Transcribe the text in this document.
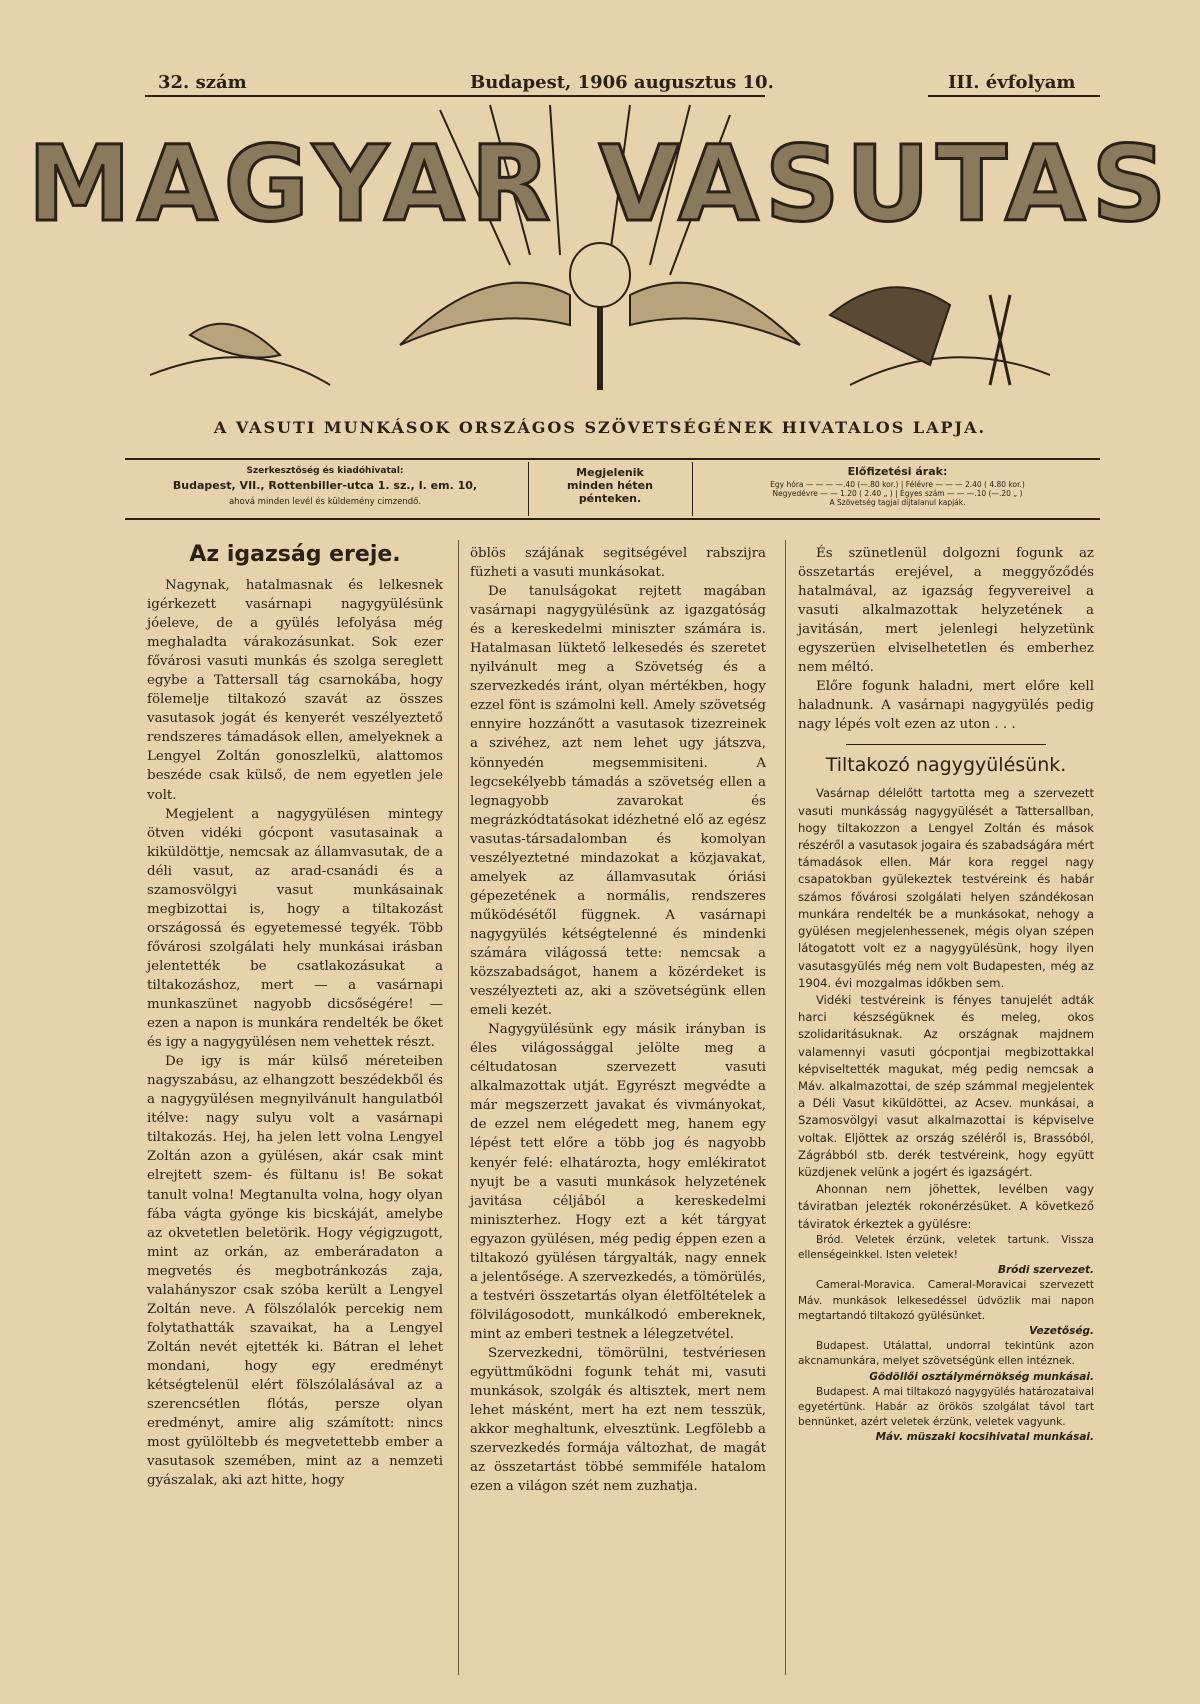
32. szám	Budapest, 1906 augusztus 10.	III. évfolyam
MAGYAR VASUTAS
A VASUTI MUNKÁSOK ORSZÁGOS SZÖVETSÉGÉNEK HIVATALOS LAPJA.
Szerkesztőség és kiadóhivatal:
Budapest, VII., Rottenbiller-utca 1. sz., I. em. 10,
ahová minden levél és küldemény cimzendő.
Megjelenik
minden héten
pénteken.
Előfizetési árak:
Egy hóra — — — —.40 (—.80 kor.) | Félévre — — — 2.40 ( 4.80 kor.)
Negyedévre — — 1.20 ( 2.40 „ ) | Egyes szám — — —.10 (—.20 „ )
A Szövetség tagjai díjtalanul kapják.
Az igazság ereje.

Nagynak, hatalmasnak és lelkesnek igérkezett vasárnapi nagygyülésünk jóeleve, de a gyülés lefolyása még meghaladta várakozásunkat. Sok ezer fővárosi vasuti munkás és szolga sereglett egybe a Tattersall tág csarnokába, hogy fölemelje tiltakozó szavát az összes vasutasok jogát és kenyerét veszélyeztető rendszeres támadások ellen, amelyeknek a Lengyel Zoltán gonoszlelkü, alattomos beszéde csak külső, de nem egyetlen jele volt.

Megjelent a nagygyülésen mintegy ötven vidéki gócpont vasutasainak a kiküldöttje, nemcsak az államvasutak, de a déli vasut, az arad-csanádi és a szamosvölgyi vasut munkásainak megbizottai is, hogy a tiltakozást országossá és egyetemessé tegyék. Több fővárosi szolgálati hely munkásai irásban jelentették be csatlakozásukat a tiltakozáshoz, mert — a vasárnapi munkaszünet nagyobb dicsőségére! — ezen a napon is munkára rendelték be őket és igy a nagygyülésen nem vehettek részt.

De igy is már külső méreteiben nagyszabásu, az elhangzott beszédekből és a nagygyülésen megnyilvánult hangulatból itélve: nagy sulyu volt a vasárnapi tiltakozás. Hej, ha jelen lett volna Lengyel Zoltán azon a gyülésen, akár csak mint elrejtett szem- és fültanu is! Be sokat tanult volna! Megtanulta volna, hogy olyan fába vágta gyönge kis bicskáját, amelybe az okvetetlen beletörik. Hogy végigzugott, mint az orkán, az emberáradaton a megvetés és megbotránkozás zaja, valahányszor csak szóba került a Lengyel Zoltán neve. A fölszólalók percekig nem folytathatták szavaikat, ha a Lengyel Zoltán nevét ejtették ki. Bátran el lehet mondani, hogy egy eredményt kétségtelenül elért fölszólalásával az a szerencsétlen flótás, persze olyan eredményt, amire alig számított: nincs most gyülöltebb és megvetettebb ember a vasutasok szemében, mint az a nemzeti gyászalak, aki azt hitte, hogy

öblös szájának segitségével rabszijra füzheti a vasuti munkásokat.

De tanulságokat rejtett magában vasárnapi nagygyülésünk az igazgatóság és a kereskedelmi miniszter számára is. Hatalmasan lüktető lelkesedés és szeretet nyilvánult meg a Szövetség és a szervezkedés iránt, olyan mértékben, hogy ezzel fönt is számolni kell. Amely szövetség ennyire hozzánőtt a vasutasok tizezreinek a szivéhez, azt nem lehet ugy játszva, könnyedén megsemmisiteni. A legcsekélyebb támadás a szövetség ellen a legnagyobb zavarokat és megrázkódtatásokat idézhetné elő az egész vasutas-társadalomban és komolyan veszélyeztetné mindazokat a közjavakat, amelyek az államvasutak óriási gépezetének a normális, rendszeres működésétől függnek. A vasárnapi nagygyülés kétségtelenné és mindenki számára világossá tette: nemcsak a közszabadságot, hanem a közérdeket is veszélyezteti az, aki a szövetségünk ellen emeli kezét.

Nagygyülésünk egy másik irányban is éles világossággal jelölte meg a céltudatosan szervezett vasuti alkalmazottak utját. Egyrészt megvédte a már megszerzett javakat és vivmányokat, de ezzel nem elégedett meg, hanem egy lépést tett előre a több jog és nagyobb kenyér felé: elhatározta, hogy emlékiratot nyujt be a vasuti munkások helyzetének javitása céljából a kereskedelmi miniszterhez. Hogy ezt a két tárgyat egyazon gyülésen, még pedig éppen ezen a tiltakozó gyülésen tárgyalták, nagy ennek a jelentősége. A szervezkedés, a tömörülés, a testvéri összetartás olyan életföltételek a fölvilágosodott, munkálkodó embereknek, mint az emberi testnek a lélegzetvétel.

Szervezkedni, tömörülni, testvériesen együttműködni fogunk tehát mi, vasuti munkások, szolgák és altisztek, mert nem lehet másként, mert ha ezt nem tesszük, akkor meghaltunk, elvesztünk. Legfölebb a szervezkedés formája változhat, de magát az összetartást többé semmiféle hatalom ezen a világon szét nem zuzhatja.

És szünetlenül dolgozni fogunk az összetartás erejével, a meggyőződés hatalmával, az igazság fegyvereivel a vasuti alkalmazottak helyzetének a javitásán, mert jelenlegi helyzetünk egyszerüen elviselhetetlen és emberhez nem méltó.

Előre fogunk haladni, mert előre kell haladnunk. A vasárnapi nagygyülés pedig nagy lépés volt ezen az uton . . .

Tiltakozó nagygyülésünk.

Vasárnap délelőtt tartotta meg a szervezett vasuti munkásság nagygyülését a Tattersallban, hogy tiltakozzon a Lengyel Zoltán és mások részéről a vasutasok jogaira és szabadságára mért támadások ellen. Már kora reggel nagy csapatokban gyülekeztek testvéreink és habár számos fővárosi szolgálati helyen szándékosan munkára rendelték be a munkásokat, nehogy a gyülésen megjelenhessenek, mégis olyan szépen látogatott volt ez a nagygyülésünk, hogy ilyen vasutasgyülés még nem volt Budapesten, még az 1904. évi mozgalmas időkben sem.

Vidéki testvéreink is fényes tanujelét adták harci készségüknek és meleg, okos szolidaritásuknak. Az országnak majdnem valamennyi vasuti gócpontjai megbizottakkal képviseltették magukat, még pedig nemcsak a Máv. alkalmazottai, de szép számmal megjelentek a Déli Vasut kiküldöttei, az Acsev. munkásai, a Szamosvölgyi vasut alkalmazottai is képviselve voltak. Eljöttek az ország széléről is, Brassóból, Zágrábból stb. derék testvéreink, hogy együtt küzdjenek velünk a jogért és igazságért.

Ahonnan nem jöhettek, levélben vagy táviratban jelezték rokonérzésüket. A következő táviratok érkeztek a gyülésre:

Bród. Veletek érzünk, veletek tartunk. Vissza ellenségeinkkel. Isten veletek!

Bródi szervezet.

Cameral-Moravica. Cameral-Moravicai szervezett Máv. munkások lelkesedéssel üdvözlik mai napon megtartandó tiltakozó gyülésünket.

Vezetőség.

Budapest. Utálattal, undorral tekintünk azon akcnamunkára, melyet szövetségünk ellen intéznek.

Gödöllői osztálymérnökség munkásai.

Budapest. A mai tiltakozó nagygyülés határozataival egyetértünk. Habár az örökös szolgálat távol tart bennünket, azért veletek érzünk, veletek vagyunk.

Máv. müszaki kocsihivatal munkásai.
